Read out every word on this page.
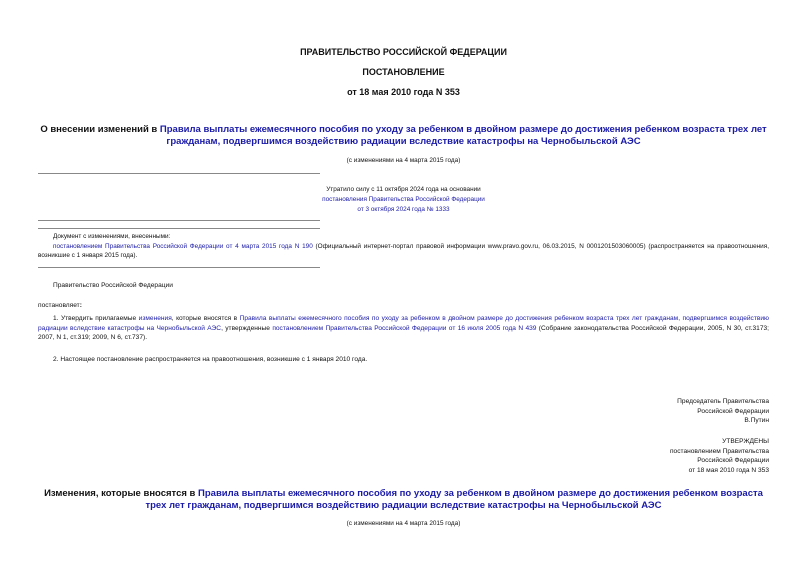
ПРАВИТЕЛЬСТВО РОССИЙСКОЙ ФЕДЕРАЦИИ
ПОСТАНОВЛЕНИЕ
от 18 мая 2010 года N 353
О внесении изменений в Правила выплаты ежемесячного пособия по уходу за ребенком в двойном размере до достижения ребенком возраста трех лет гражданам, подвергшимся воздействию радиации вследствие катастрофы на Чернобыльской АЭС
(с изменениями на 4 марта 2015 года)
Утратило силу с 11 октября 2024 года на основании
постановления Правительства Российской Федерации
от 3 октября 2024 года № 1333
Документ с изменениями, внесенными:
постановлением Правительства Российской Федерации от 4 марта 2015 года N 190 (Официальный интернет-портал правовой информации www.pravo.gov.ru, 06.03.2015, N 0001201503060005) (распространяется на правоотношения, возникшие с 1 января 2015 года).
Правительство Российской Федерации
постановляет:
1. Утвердить прилагаемые изменения, которые вносятся в Правила выплаты ежемесячного пособия по уходу за ребенком в двойном размере до достижения ребенком возраста трех лет гражданам, подвергшимся воздействию радиации вследствие катастрофы на Чернобыльской АЭС, утвержденные постановлением Правительства Российской Федерации от 16 июля 2005 года N 439 (Собрание законодательства Российской Федерации, 2005, N 30, ст.3173; 2007, N 1, ст.319; 2009, N 6, ст.737).
2. Настоящее постановление распространяется на правоотношения, возникшие с 1 января 2010 года.
Председатель Правительства
Российской Федерации
В.Путин
УТВЕРЖДЕНЫ
постановлением Правительства
Российской Федерации
от 18 мая 2010 года N 353
Изменения, которые вносятся в Правила выплаты ежемесячного пособия по уходу за ребенком в двойном размере до достижения ребенком возраста трех лет гражданам, подвергшимся воздействию радиации вследствие катастрофы на Чернобыльской АЭС
(с изменениями на 4 марта 2015 года)
